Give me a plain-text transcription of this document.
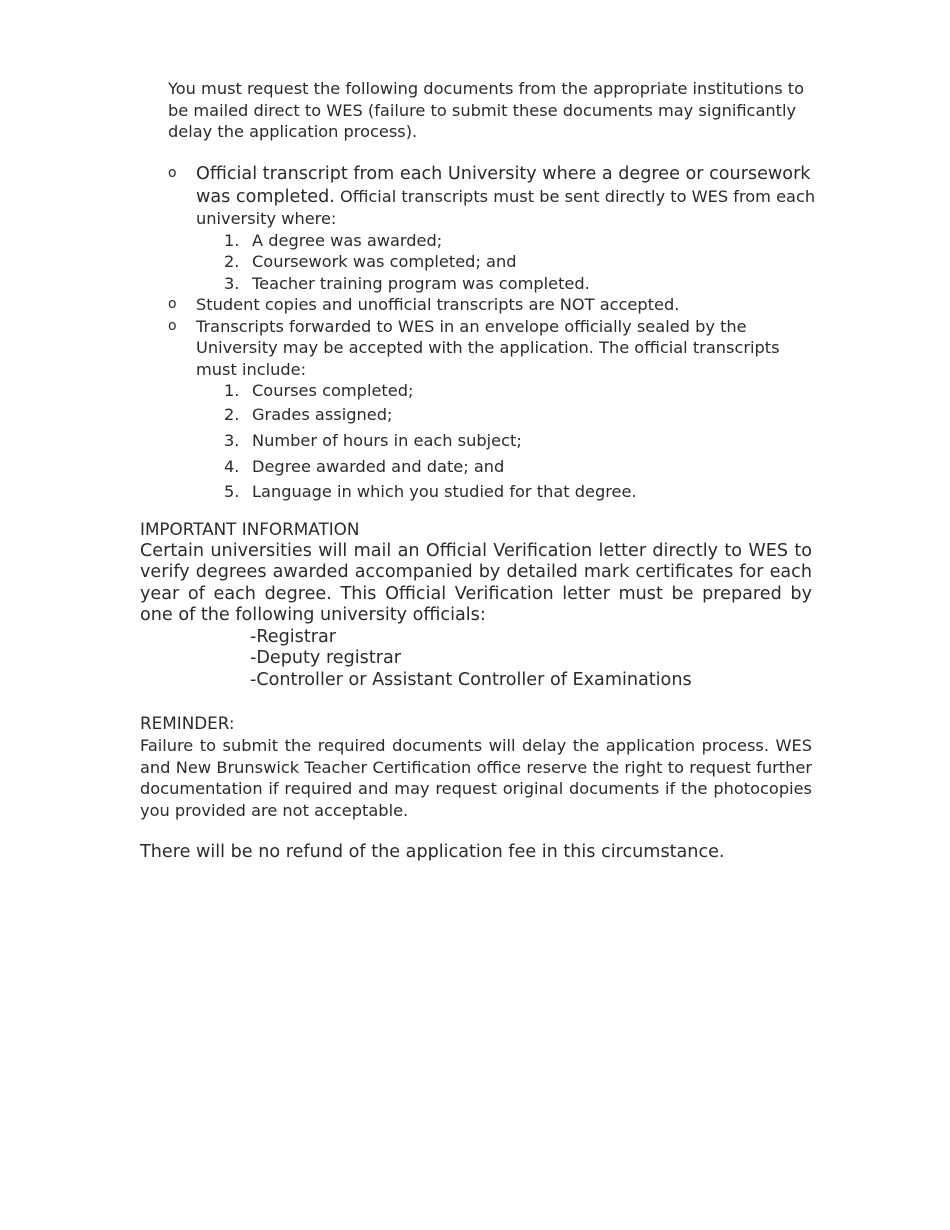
You must request the following documents from the appropriate institutions to be mailed direct to WES (failure to submit these documents may significantly delay the application process).

o Official transcript from each University where a degree or coursework was completed. Official transcripts must be sent directly to WES from each university where:
1. A degree was awarded;
2. Coursework was completed; and
3. Teacher training program was completed.
o Student copies and unofficial transcripts are NOT accepted.
o Transcripts forwarded to WES in an envelope officially sealed by the University may be accepted with the application. The official transcripts must include:
1. Courses completed;
2. Grades assigned;
3. Number of hours in each subject;
4. Degree awarded and date; and
5. Language in which you studied for that degree.
IMPORTANT INFORMATION

Certain universities will mail an Official Verification letter directly to WES to verify degrees awarded accompanied by detailed mark certificates for each year of each degree. This Official Verification letter must be prepared by one of the following university officials:

-Registrar
-Deputy registrar
-Controller or Assistant Controller of Examinations
REMINDER:

Failure to submit the required documents will delay the application process. WES and New Brunswick Teacher Certification office reserve the right to request further documentation if required and may request original documents if the photocopies you provided are not acceptable.

There will be no refund of the application fee in this circumstance.
